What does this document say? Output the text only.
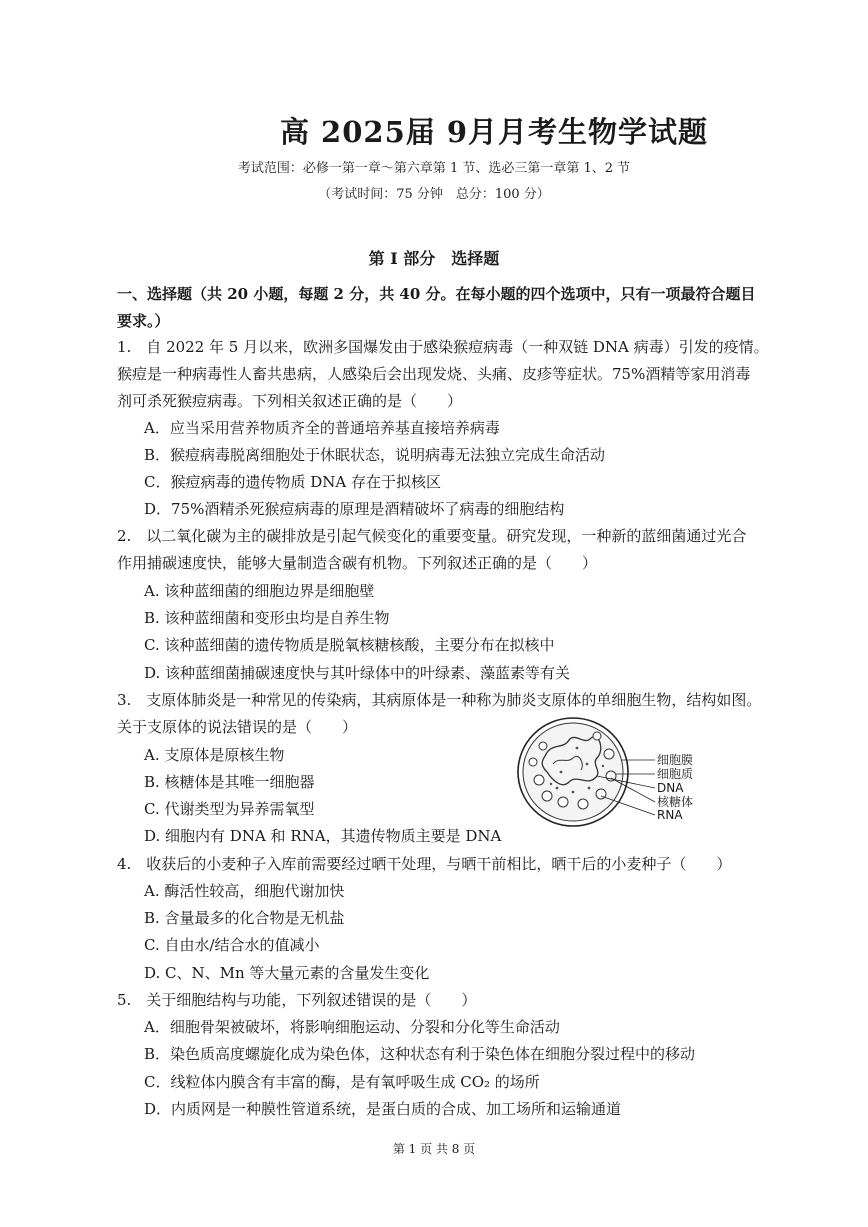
高 2025届 9月月考生物学试题
考试范围：必修一第一章～第六章第 1 节、选必三第一章第 1、2 节
（考试时间：75 分钟　总分：100 分）
第 I 部分　选择题
一、选择题（共 20 小题，每题 2 分，共 40 分。在每小题的四个选项中，只有一项最符合题目要求。）
1.　自 2022 年 5 月以来，欧洲多国爆发由于感染猴痘病毒（一种双链 DNA 病毒）引发的疫情。
猴痘是一种病毒性人畜共患病，人感染后会出现发烧、头痛、皮疹等症状。75%酒精等家用消毒
剂可杀死猴痘病毒。下列相关叙述正确的是（　　）
A．应当采用营养物质齐全的普通培养基直接培养病毒
B．猴痘病毒脱离细胞处于休眠状态，说明病毒无法独立完成生命活动
C．猴痘病毒的遗传物质 DNA 存在于拟核区
D．75%酒精杀死猴痘病毒的原理是酒精破坏了病毒的细胞结构
2.　以二氧化碳为主的碳排放是引起气候变化的重要变量。研究发现，一种新的蓝细菌通过光合
作用捕碳速度快，能够大量制造含碳有机物。下列叙述正确的是（　　）
A. 该种蓝细菌的细胞边界是细胞壁
B. 该种蓝细菌和变形虫均是自养生物
C. 该种蓝细菌的遗传物质是脱氧核糖核酸，主要分布在拟核中
D. 该种蓝细菌捕碳速度快与其叶绿体中的叶绿素、藻蓝素等有关
3.　支原体肺炎是一种常见的传染病，其病原体是一种称为肺炎支原体的单细胞生物，结构如图。
关于支原体的说法错误的是（　　）
A. 支原体是原核生物
B. 核糖体是其唯一细胞器
C. 代谢类型为异养需氧型
D. 细胞内有 DNA 和 RNA，其遗传物质主要是 DNA
细胞膜
细胞质
DNA
核糖体
RNA
4.　收获后的小麦种子入库前需要经过晒干处理，与晒干前相比，晒干后的小麦种子（　　）
A. 酶活性较高，细胞代谢加快
B. 含量最多的化合物是无机盐
C. 自由水/结合水的值减小
D. C、N、Mn 等大量元素的含量发生变化
5.　关于细胞结构与功能，下列叙述错误的是（　　）
A．细胞骨架被破坏，将影响细胞运动、分裂和分化等生命活动
B．染色质高度螺旋化成为染色体，这种状态有利于染色体在细胞分裂过程中的移动
C．线粒体内膜含有丰富的酶，是有氧呼吸生成 CO₂ 的场所
D．内质网是一种膜性管道系统，是蛋白质的合成、加工场所和运输通道
第 1 页 共 8 页
